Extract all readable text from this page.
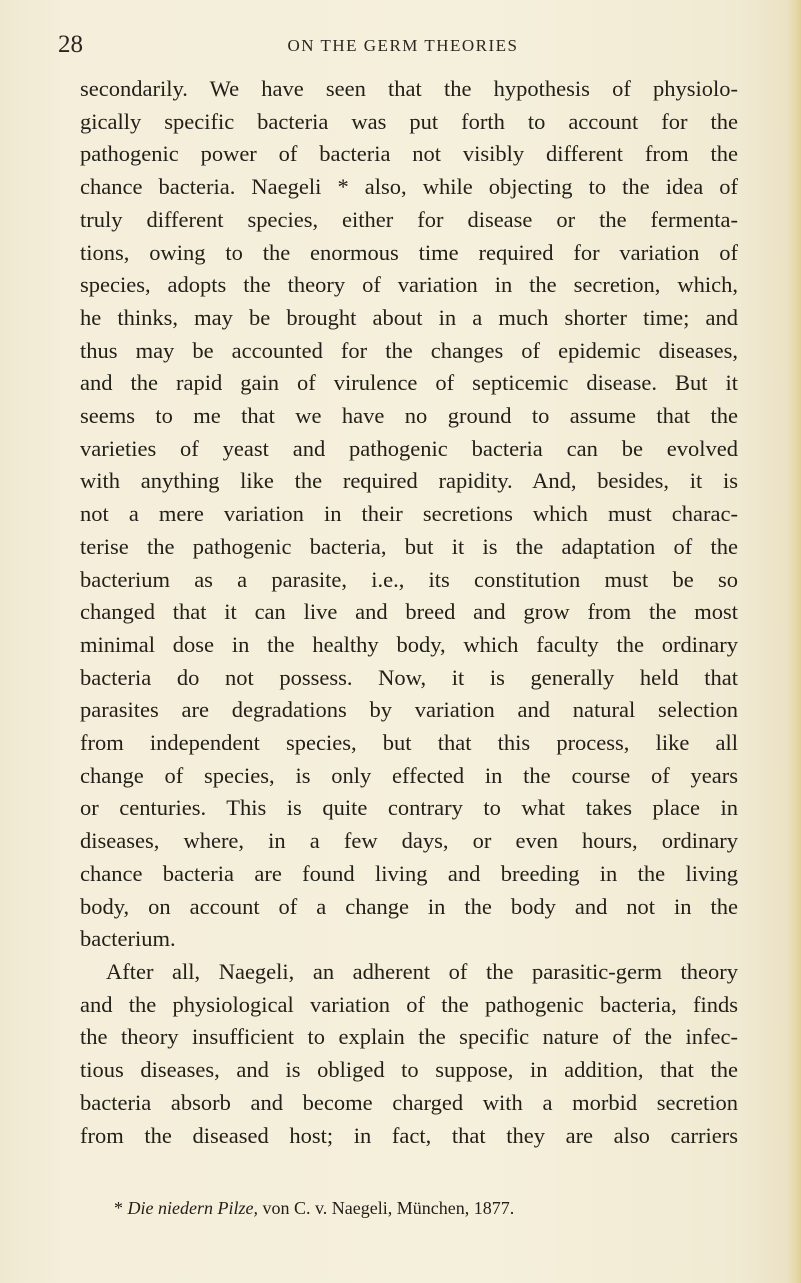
28	ON THE GERM THEORIES
secondarily. We have seen that the hypothesis of physiolo-
gically specific bacteria was put forth to account for the
pathogenic power of bacteria not visibly different from the
chance bacteria. Naegeli * also, while objecting to the idea of
truly different species, either for disease or the fermenta-
tions, owing to the enormous time required for variation of
species, adopts the theory of variation in the secretion, which,
he thinks, may be brought about in a much shorter time; and
thus may be accounted for the changes of epidemic diseases,
and the rapid gain of virulence of septicemic disease. But it
seems to me that we have no ground to assume that the
varieties of yeast and pathogenic bacteria can be evolved
with anything like the required rapidity. And, besides, it is
not a mere variation in their secretions which must charac-
terise the pathogenic bacteria, but it is the adaptation of the
bacterium as a parasite, i.e., its constitution must be so
changed that it can live and breed and grow from the most
minimal dose in the healthy body, which faculty the ordinary
bacteria do not possess. Now, it is generally held that
parasites are degradations by variation and natural selection
from independent species, but that this process, like all
change of species, is only effected in the course of years
or centuries. This is quite contrary to what takes place in
diseases, where, in a few days, or even hours, ordinary
chance bacteria are found living and breeding in the living
body, on account of a change in the body and not in the
bacterium.
After all, Naegeli, an adherent of the parasitic-germ theory
and the physiological variation of the pathogenic bacteria, finds
the theory insufficient to explain the specific nature of the infec-
tious diseases, and is obliged to suppose, in addition, that the
bacteria absorb and become charged with a morbid secretion
from the diseased host; in fact, that they are also carriers
* Die niedern Pilze, von C. v. Naegeli, München, 1877.
